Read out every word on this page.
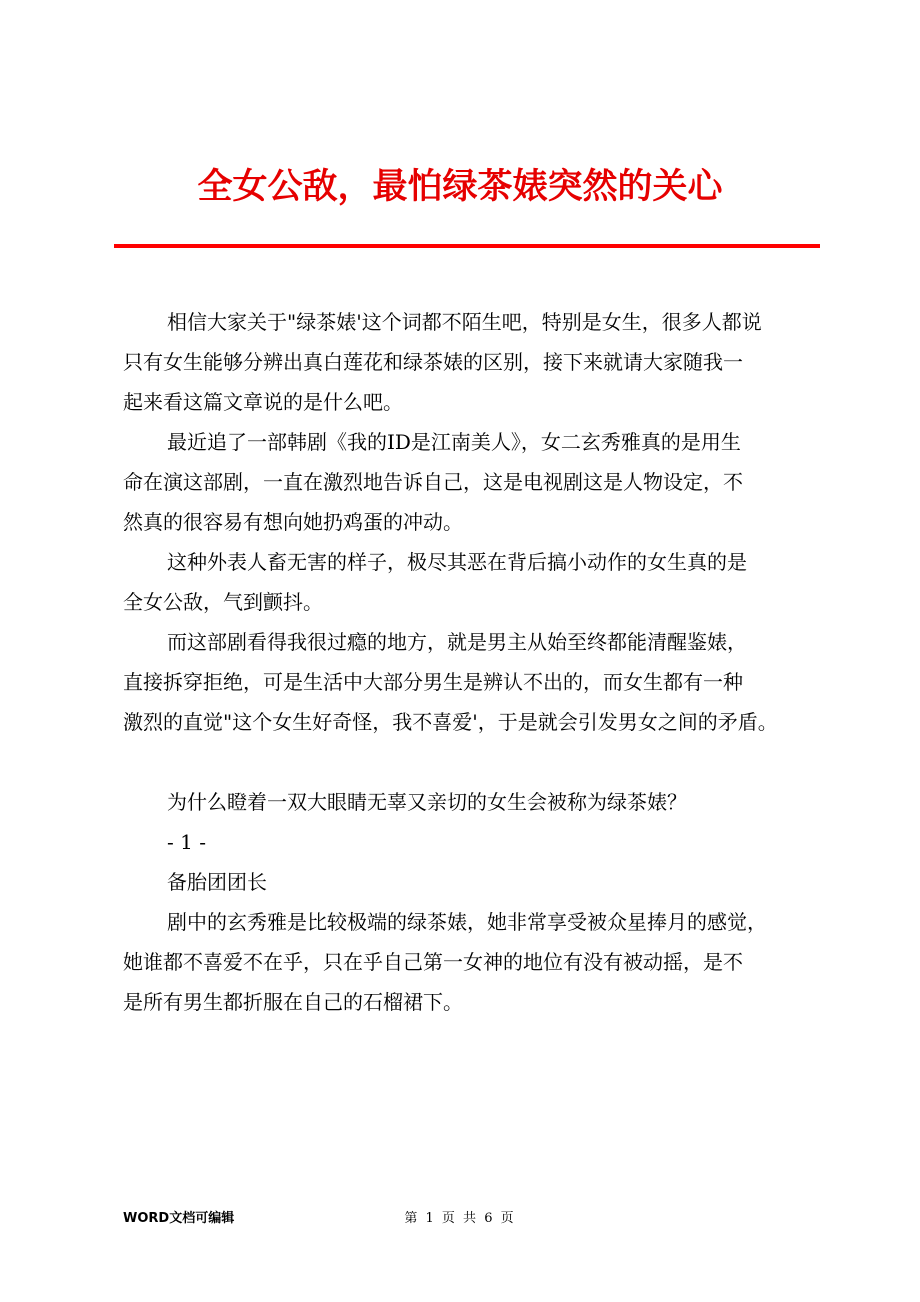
全女公敌，最怕绿茶婊突然的关心
相信大家关于"绿茶婊'这个词都不陌生吧，特别是女生，很多人都说
只有女生能够分辨出真白莲花和绿茶婊的区别，接下来就请大家随我一
起来看这篇文章说的是什么吧。
最近追了一部韩剧《我的ID是江南美人》，女二玄秀雅真的是用生
命在演这部剧，一直在激烈地告诉自己，这是电视剧这是人物设定，不
然真的很容易有想向她扔鸡蛋的冲动。
这种外表人畜无害的样子，极尽其恶在背后搞小动作的女生真的是
全女公敌，气到颤抖。
而这部剧看得我很过瘾的地方，就是男主从始至终都能清醒鉴婊，
直接拆穿拒绝，可是生活中大部分男生是辨认不出的，而女生都有一种
激烈的直觉"这个女生好奇怪，我不喜爱'，于是就会引发男女之间的矛盾。

为什么瞪着一双大眼睛无辜又亲切的女生会被称为绿茶婊？

- 1 -

备胎团团长

剧中的玄秀雅是比较极端的绿茶婊，她非常享受被众星捧月的感觉，
她谁都不喜爱不在乎，只在乎自己第一女神的地位有没有被动摇，是不
是所有男生都折服在自己的石榴裙下。
WORD文档可编辑	第 1 页 共 6 页
